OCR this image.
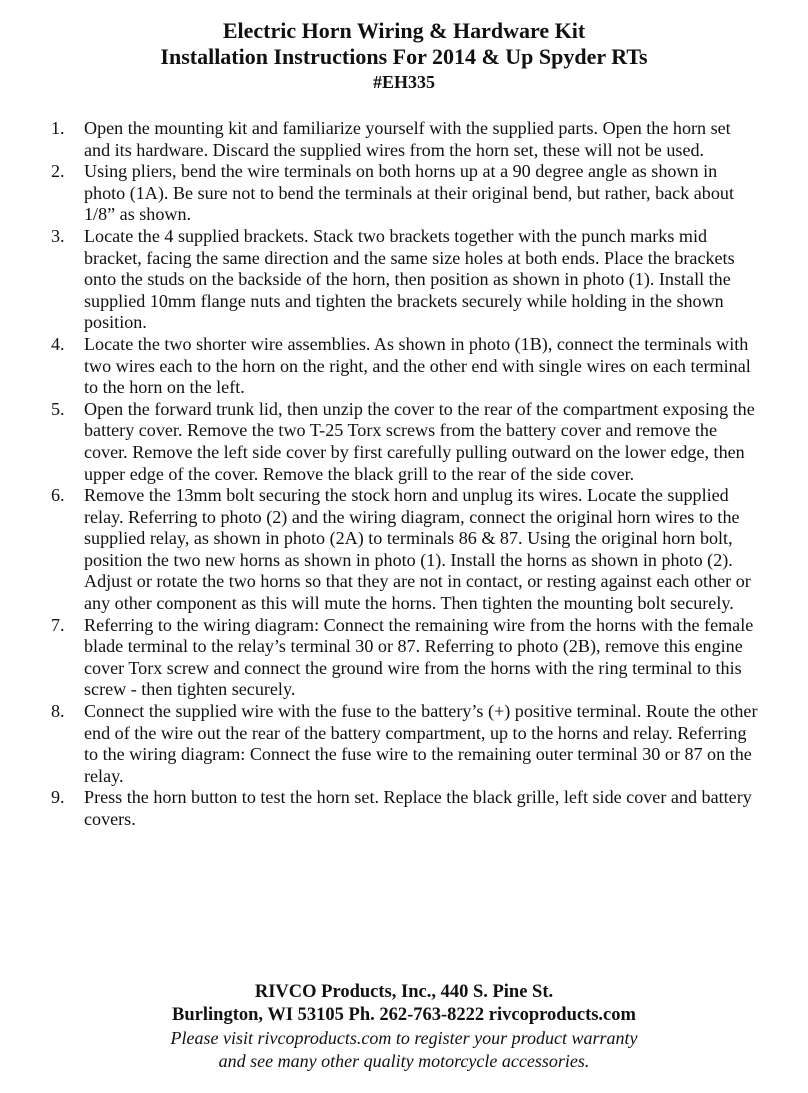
Electric Horn Wiring & Hardware Kit
Installation Instructions For 2014 & Up Spyder RTs
#EH335
1. Open the mounting kit and familiarize yourself with the supplied parts. Open the horn set and its hardware. Discard the supplied wires from the horn set, these will not be used.
2. Using pliers, bend the wire terminals on both horns up at a 90 degree angle as shown in photo (1A). Be sure not to bend the terminals at their original bend, but rather, back about 1/8” as shown.
3. Locate the 4 supplied brackets. Stack two brackets together with the punch marks mid bracket, facing the same direction and the same size holes at both ends. Place the brackets onto the studs on the backside of the horn, then position as shown in photo (1). Install the supplied 10mm flange nuts and tighten the brackets securely while holding in the shown position.
4. Locate the two shorter wire assemblies. As shown in photo (1B), connect the terminals with two wires each to the horn on the right, and the other end with single wires on each terminal to the horn on the left.
5. Open the forward trunk lid, then unzip the cover to the rear of the compartment exposing the battery cover. Remove the two T-25 Torx screws from the battery cover and remove the cover. Remove the left side cover by first carefully pulling outward on the lower edge, then upper edge of the cover. Remove the black grill to the rear of the side cover.
6. Remove the 13mm bolt securing the stock horn and unplug its wires. Locate the supplied relay. Referring to photo (2) and the wiring diagram, connect the original horn wires to the supplied relay, as shown in photo (2A) to terminals 86 & 87. Using the original horn bolt, position the two new horns as shown in photo (1). Install the horns as shown in photo (2). Adjust or rotate the two horns so that they are not in contact, or resting against each other or any other component as this will mute the horns. Then tighten the mounting bolt securely.
7. Referring to the wiring diagram: Connect the remaining wire from the horns with the female blade terminal to the relay’s terminal 30 or 87. Referring to photo (2B), remove this engine cover Torx screw and connect the ground wire from the horns with the ring terminal to this screw - then tighten securely.
8. Connect the supplied wire with the fuse to the battery’s (+) positive terminal. Route the other end of the wire out the rear of the battery compartment, up to the horns and relay. Referring to the wiring diagram: Connect the fuse wire to the remaining outer terminal 30 or 87 on the relay.
9. Press the horn button to test the horn set. Replace the black grille, left side cover and battery covers.
RIVCO Products, Inc., 440 S. Pine St.
Burlington, WI 53105 Ph. 262-763-8222 rivcoproducts.com
Please visit rivcoproducts.com to register your product warranty
and see many other quality motorcycle accessories.
